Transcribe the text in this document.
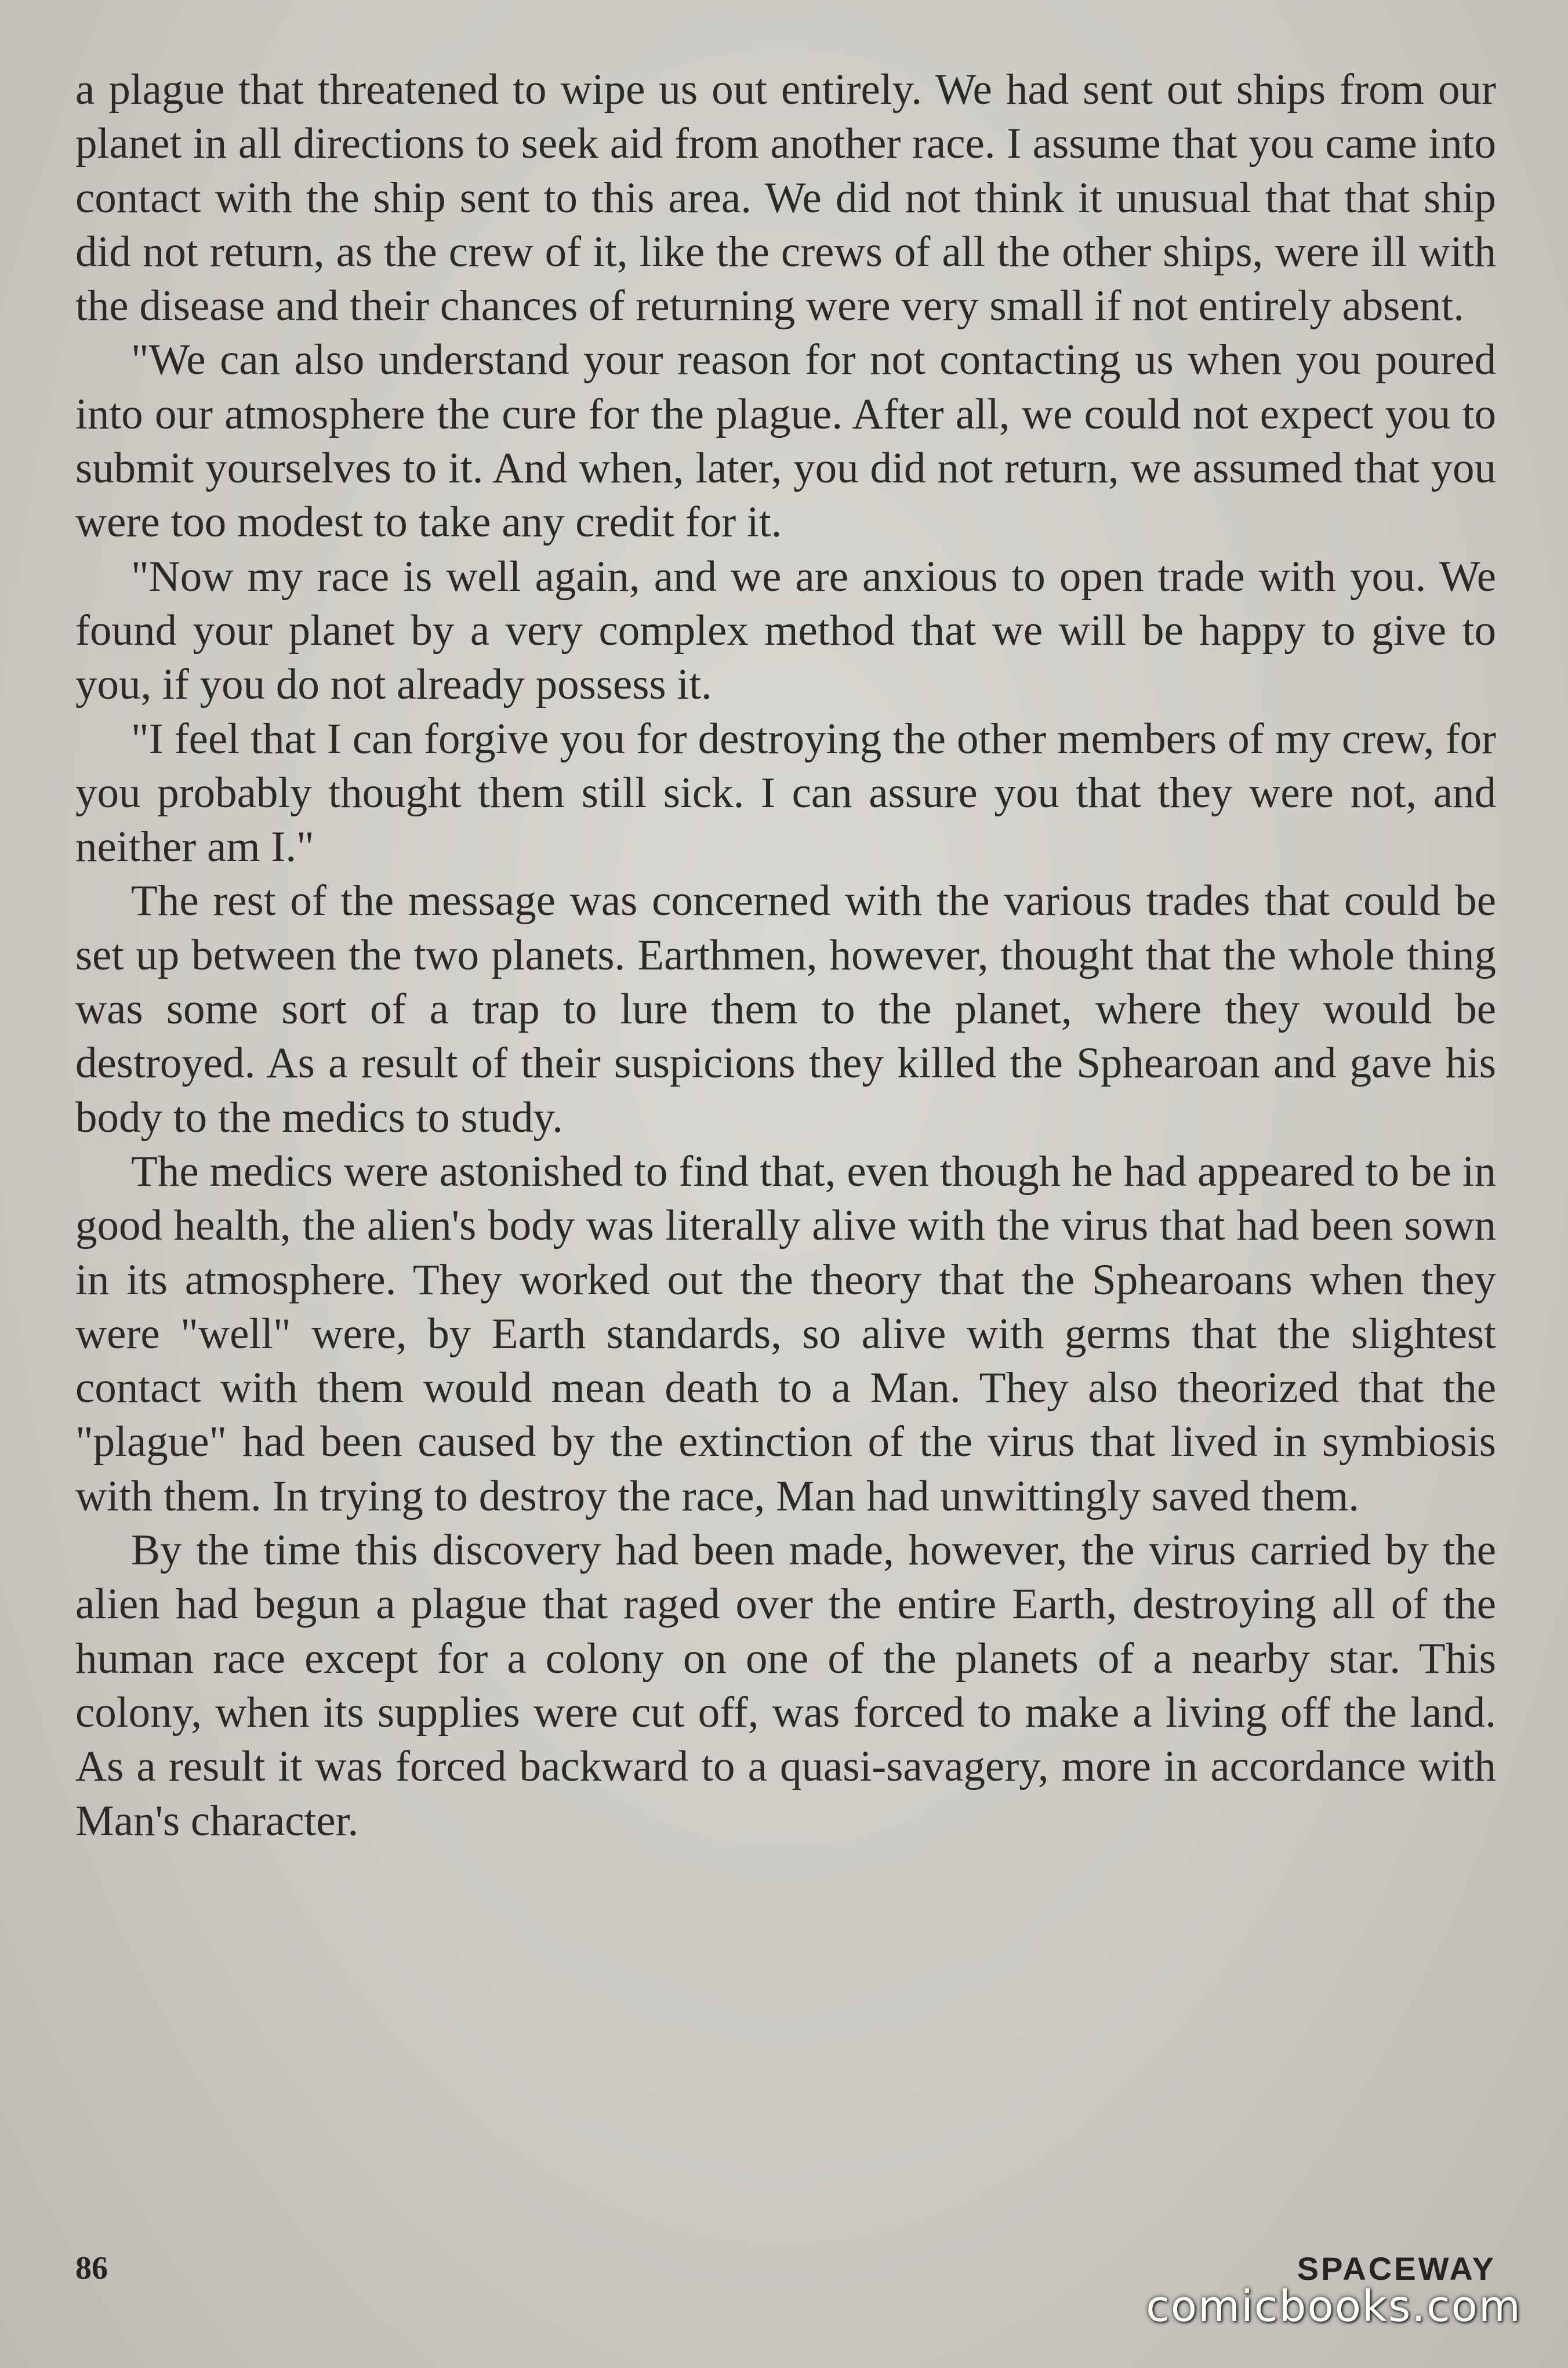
a plague that threatened to wipe us out entirely. We had sent out ships from our planet in all directions to seek aid from another race. I assume that you came into contact with the ship sent to this area. We did not think it unusual that that ship did not return, as the crew of it, like the crews of all the other ships, were ill with the disease and their chances of returning were very small if not entirely absent.

"We can also understand your reason for not contacting us when you poured into our atmosphere the cure for the plague. After all, we could not expect you to submit yourselves to it. And when, later, you did not return, we assumed that you were too modest to take any credit for it.

"Now my race is well again, and we are anxious to open trade with you. We found your planet by a very complex method that we will be happy to give to you, if you do not already possess it.

"I feel that I can forgive you for destroying the other members of my crew, for you probably thought them still sick. I can assure you that they were not, and neither am I."

The rest of the message was concerned with the various trades that could be set up between the two planets. Earthmen, however, thought that the whole thing was some sort of a trap to lure them to the planet, where they would be destroyed. As a result of their suspicions they killed the Sphearoan and gave his body to the medics to study.

The medics were astonished to find that, even though he had appeared to be in good health, the alien's body was literally alive with the virus that had been sown in its atmosphere. They worked out the theory that the Sphearoans when they were "well" were, by Earth standards, so alive with germs that the slightest contact with them would mean death to a Man. They also theorized that the "plague" had been caused by the extinction of the virus that lived in symbiosis with them. In trying to destroy the race, Man had unwittingly saved them.

By the time this discovery had been made, however, the virus carried by the alien had begun a plague that raged over the entire Earth, destroying all of the human race except for a colony on one of the planets of a nearby star. This colony, when its supplies were cut off, was forced to make a living off the land. As a result it was forced backward to a quasi-savagery, more in accordance with Man's character.

86	SPACEWAY
comicbooks.com
